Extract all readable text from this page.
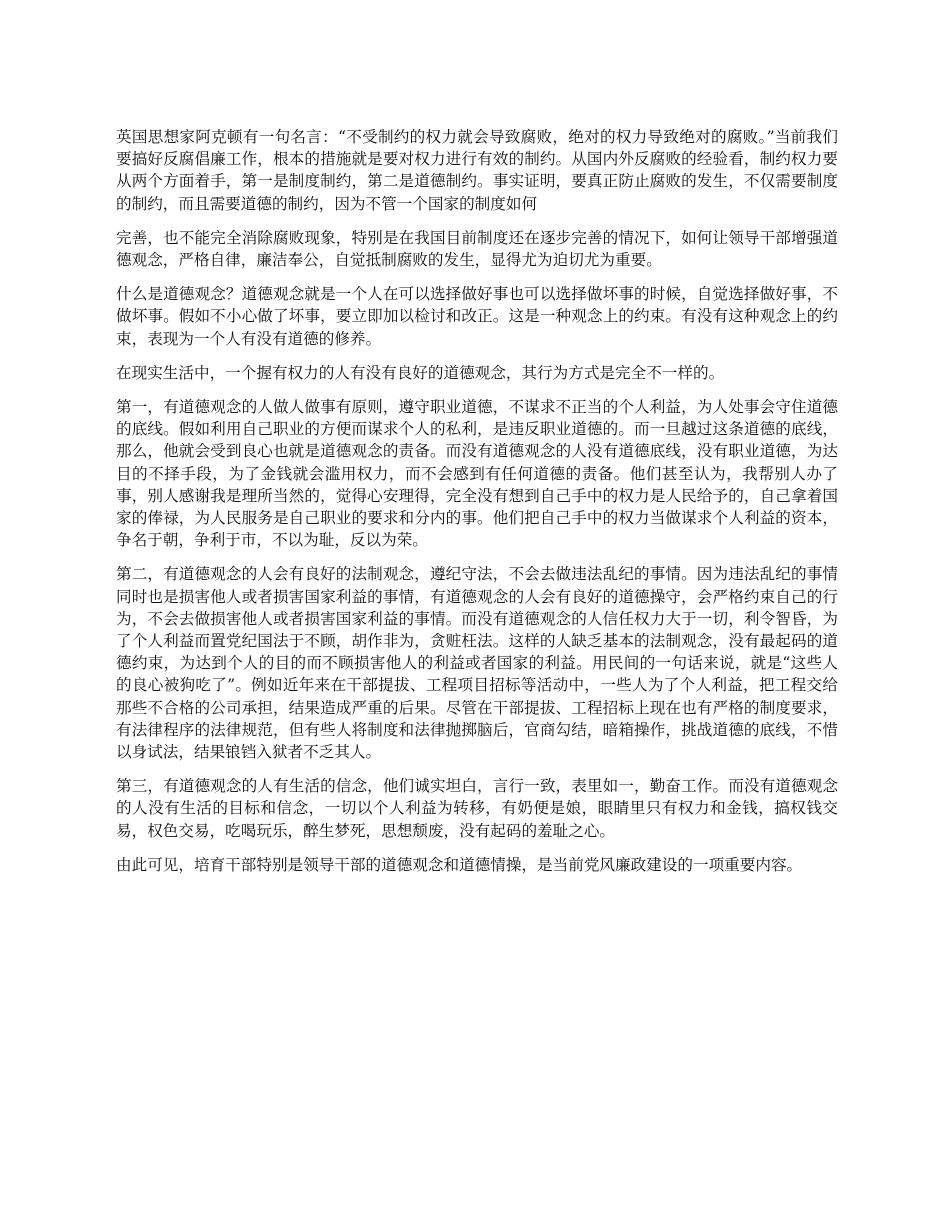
英国思想家阿克顿有一句名言：“不受制约的权力就会导致腐败，绝对的权力导致绝对的腐败。”当前我们要搞好反腐倡廉工作，根本的措施就是要对权力进行有效的制约。从国内外反腐败的经验看，制约权力要从两个方面着手，第一是制度制约，第二是道德制约。事实证明，要真正防止腐败的发生，不仅需要制度的制约，而且需要道德的制约，因为不管一个国家的制度如何

完善，也不能完全消除腐败现象，特别是在我国目前制度还在逐步完善的情况下，如何让领导干部增强道德观念，严格自律，廉洁奉公，自觉抵制腐败的发生，显得尤为迫切尤为重要。

什么是道德观念？道德观念就是一个人在可以选择做好事也可以选择做坏事的时候，自觉选择做好事，不做坏事。假如不小心做了坏事，要立即加以检讨和改正。这是一种观念上的约束。有没有这种观念上的约束，表现为一个人有没有道德的修养。

在现实生活中，一个握有权力的人有没有良好的道德观念，其行为方式是完全不一样的。

第一，有道德观念的人做人做事有原则，遵守职业道德，不谋求不正当的个人利益，为人处事会守住道德的底线。假如利用自己职业的方便而谋求个人的私利，是违反职业道德的。而一旦越过这条道德的底线，那么，他就会受到良心也就是道德观念的责备。而没有道德观念的人没有道德底线，没有职业道德，为达目的不择手段，为了金钱就会滥用权力，而不会感到有任何道德的责备。他们甚至认为，我帮别人办了事，别人感谢我是理所当然的，觉得心安理得，完全没有想到自己手中的权力是人民给予的，自己拿着国家的俸禄，为人民服务是自己职业的要求和分内的事。他们把自己手中的权力当做谋求个人利益的资本，争名于朝，争利于市，不以为耻，反以为荣。

第二，有道德观念的人会有良好的法制观念，遵纪守法，不会去做违法乱纪的事情。因为违法乱纪的事情同时也是损害他人或者损害国家利益的事情，有道德观念的人会有良好的道德操守，会严格约束自己的行为，不会去做损害他人或者损害国家利益的事情。而没有道德观念的人信任权力大于一切，利令智昏，为了个人利益而置党纪国法于不顾，胡作非为，贪赃枉法。这样的人缺乏基本的法制观念，没有最起码的道德约束，为达到个人的目的而不顾损害他人的利益或者国家的利益。用民间的一句话来说，就是“这些人的良心被狗吃了”。例如近年来在干部提拔、工程项目招标等活动中，一些人为了个人利益，把工程交给那些不合格的公司承担，结果造成严重的后果。尽管在干部提拔、工程招标上现在也有严格的制度要求，有法律程序的法律规范，但有些人将制度和法律抛掷脑后，官商勾结，暗箱操作，挑战道德的底线，不惜以身试法，结果锒铛入狱者不乏其人。

第三，有道德观念的人有生活的信念，他们诚实坦白，言行一致，表里如一，勤奋工作。而没有道德观念的人没有生活的目标和信念，一切以个人利益为转移，有奶便是娘，眼睛里只有权力和金钱，搞权钱交易，权色交易，吃喝玩乐，醉生梦死，思想颓废，没有起码的羞耻之心。

由此可见，培育干部特别是领导干部的道德观念和道德情操，是当前党风廉政建设的一项重要内容。
